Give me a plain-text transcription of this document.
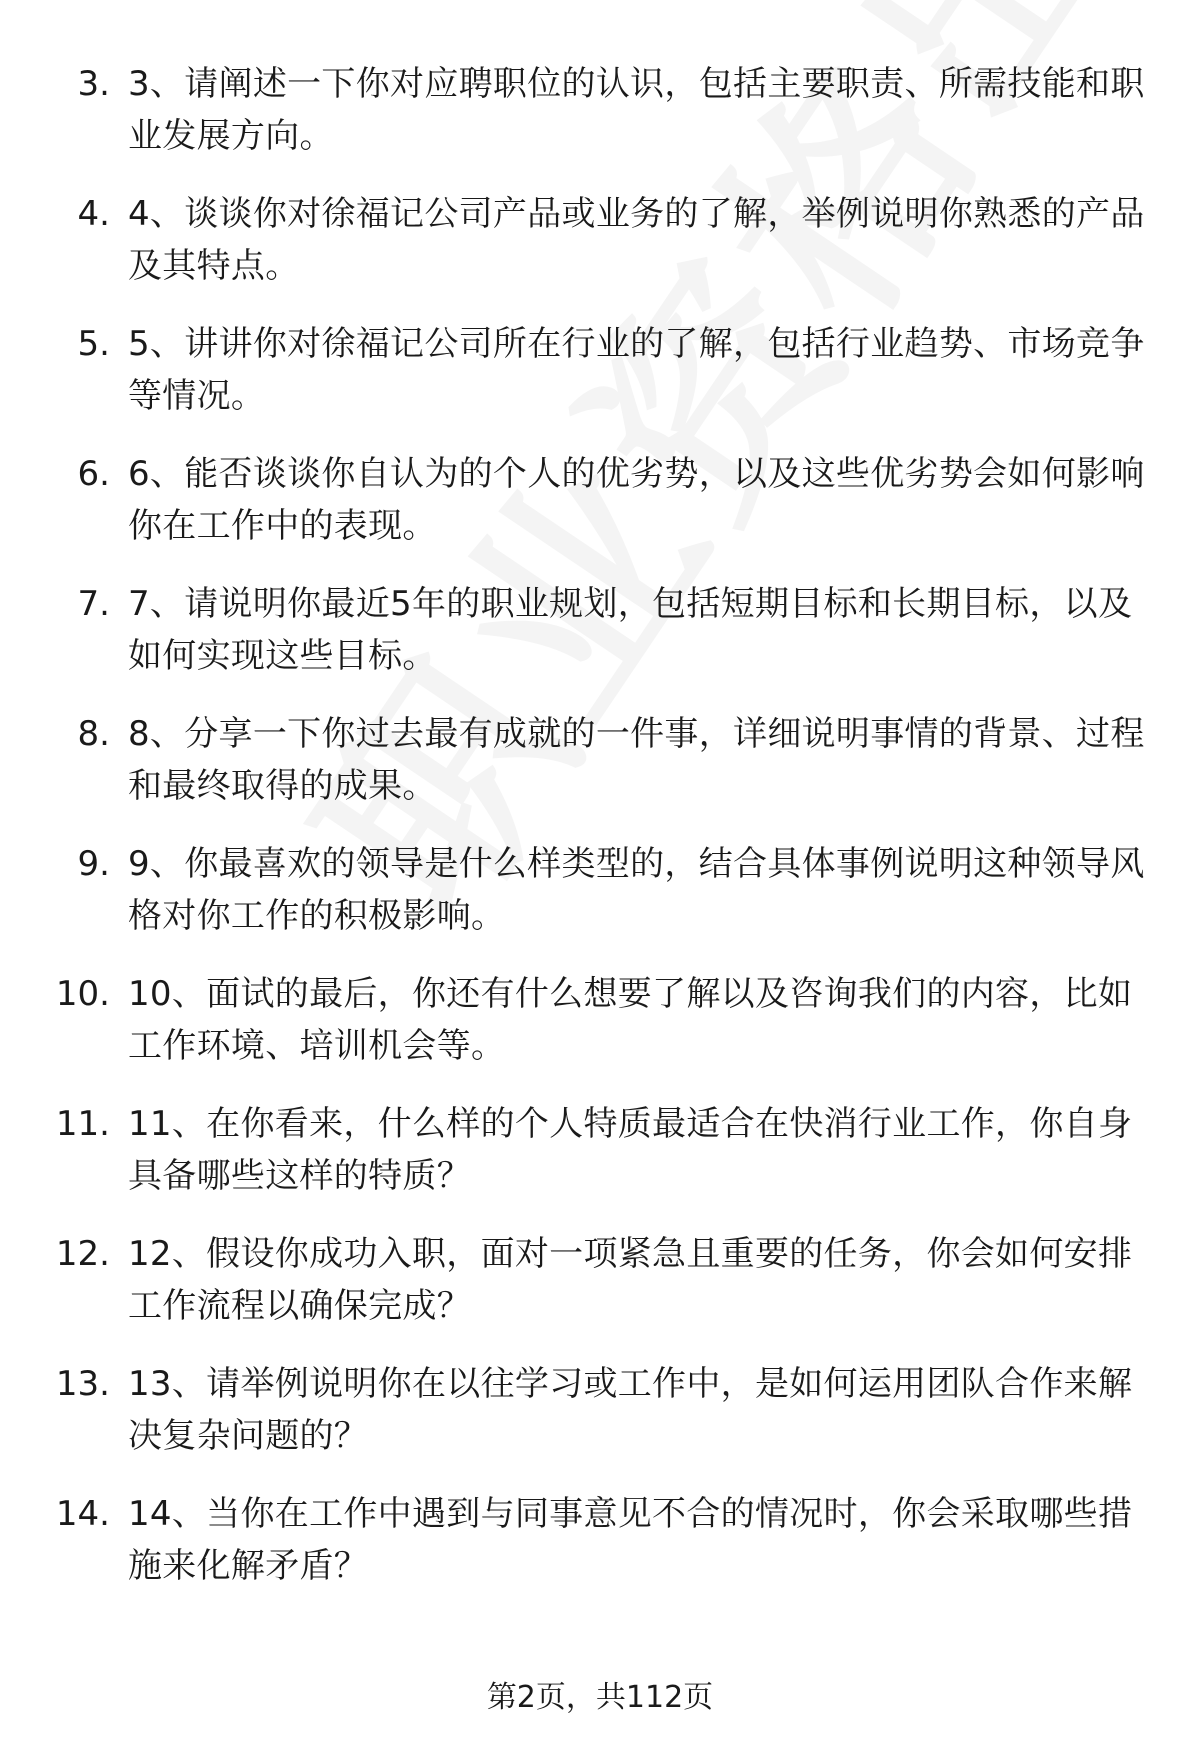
3. 3、请阐述一下你对应聘职位的认识，包括主要职责、所需技能和职业发展方向。
4. 4、谈谈你对徐福记公司产品或业务的了解，举例说明你熟悉的产品及其特点。
5. 5、讲讲你对徐福记公司所在行业的了解，包括行业趋势、市场竞争等情况。
6. 6、能否谈谈你自认为的个人的优劣势，以及这些优劣势会如何影响你在工作中的表现。
7. 7、请说明你最近5年的职业规划，包括短期目标和长期目标，以及如何实现这些目标。
8. 8、分享一下你过去最有成就的一件事，详细说明事情的背景、过程和最终取得的成果。
9. 9、你最喜欢的领导是什么样类型的，结合具体事例说明这种领导风格对你工作的积极影响。
10. 10、面试的最后，你还有什么想要了解以及咨询我们的内容，比如工作环境、培训机会等。
11. 11、在你看来，什么样的个人特质最适合在快消行业工作，你自身具备哪些这样的特质？
12. 12、假设你成功入职，面对一项紧急且重要的任务，你会如何安排工作流程以确保完成？
13. 13、请举例说明你在以往学习或工作中，是如何运用团队合作来解决复杂问题的？
14. 14、当你在工作中遇到与同事意见不合的情况时，你会采取哪些措施来化解矛盾？
第2页，共112页
